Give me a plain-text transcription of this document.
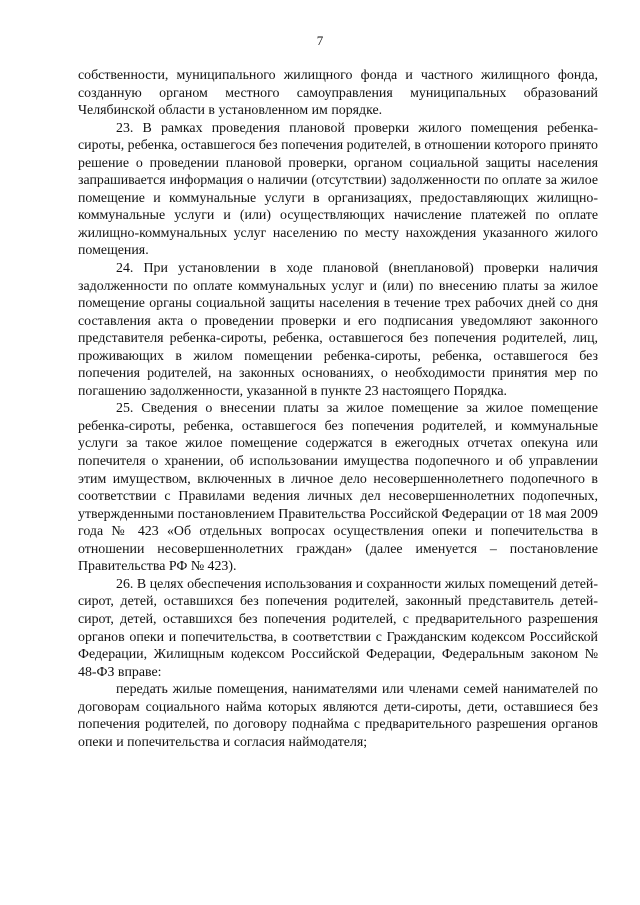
7

собственности, муниципального жилищного фонда и частного жилищного фонда, созданную органом местного самоуправления муниципальных образований Челябинской области в установленном им порядке.

23. В рамках проведения плановой проверки жилого помещения ребенка-сироты, ребенка, оставшегося без попечения родителей, в отношении которого принято решение о проведении плановой проверки, органом социальной защиты населения запрашивается информация о наличии (отсутствии) задолженности по оплате за жилое помещение и коммунальные услуги в организациях, предоставляющих жилищно-коммунальные услуги и (или) осуществляющих начисление платежей по оплате жилищно-коммунальных услуг населению по месту нахождения указанного жилого помещения.

24. При установлении в ходе плановой (внеплановой) проверки наличия задолженности по оплате коммунальных услуг и (или) по внесению платы за жилое помещение органы социальной защиты населения в течение трех рабочих дней со дня составления акта о проведении проверки и его подписания уведомляют законного представителя ребенка-сироты, ребенка, оставшегося без попечения родителей, лиц, проживающих в жилом помещении ребенка-сироты, ребенка, оставшегося без попечения родителей, на законных основаниях, о необходимости принятия мер по погашению задолженности, указанной в пункте 23 настоящего Порядка.

25. Сведения о внесении платы за жилое помещение за жилое помещение ребенка-сироты, ребенка, оставшегося без попечения родителей, и коммунальные услуги за такое жилое помещение содержатся в ежегодных отчетах опекуна или попечителя о хранении, об использовании имущества подопечного и об управлении этим имуществом, включенных в личное дело несовершеннолетнего подопечного в соответствии с Правилами ведения личных дел несовершеннолетних подопечных, утвержденными постановлением Правительства Российской Федерации от 18 мая 2009 года № 423 «Об отдельных вопросах осуществления опеки и попечительства в отношении несовершеннолетних граждан» (далее именуется – постановление Правительства РФ № 423).

26. В целях обеспечения использования и сохранности жилых помещений детей-сирот, детей, оставшихся без попечения родителей, законный представитель детей-сирот, детей, оставшихся без попечения родителей, с предварительного разрешения органов опеки и попечительства, в соответствии с Гражданским кодексом Российской Федерации, Жилищным кодексом Российской Федерации, Федеральным законом № 48-ФЗ вправе:

передать жилые помещения, нанимателями или членами семей нанимателей по договорам социального найма которых являются дети-сироты, дети, оставшиеся без попечения родителей, по договору поднайма с предварительного разрешения органов опеки и попечительства и согласия наймодателя;
